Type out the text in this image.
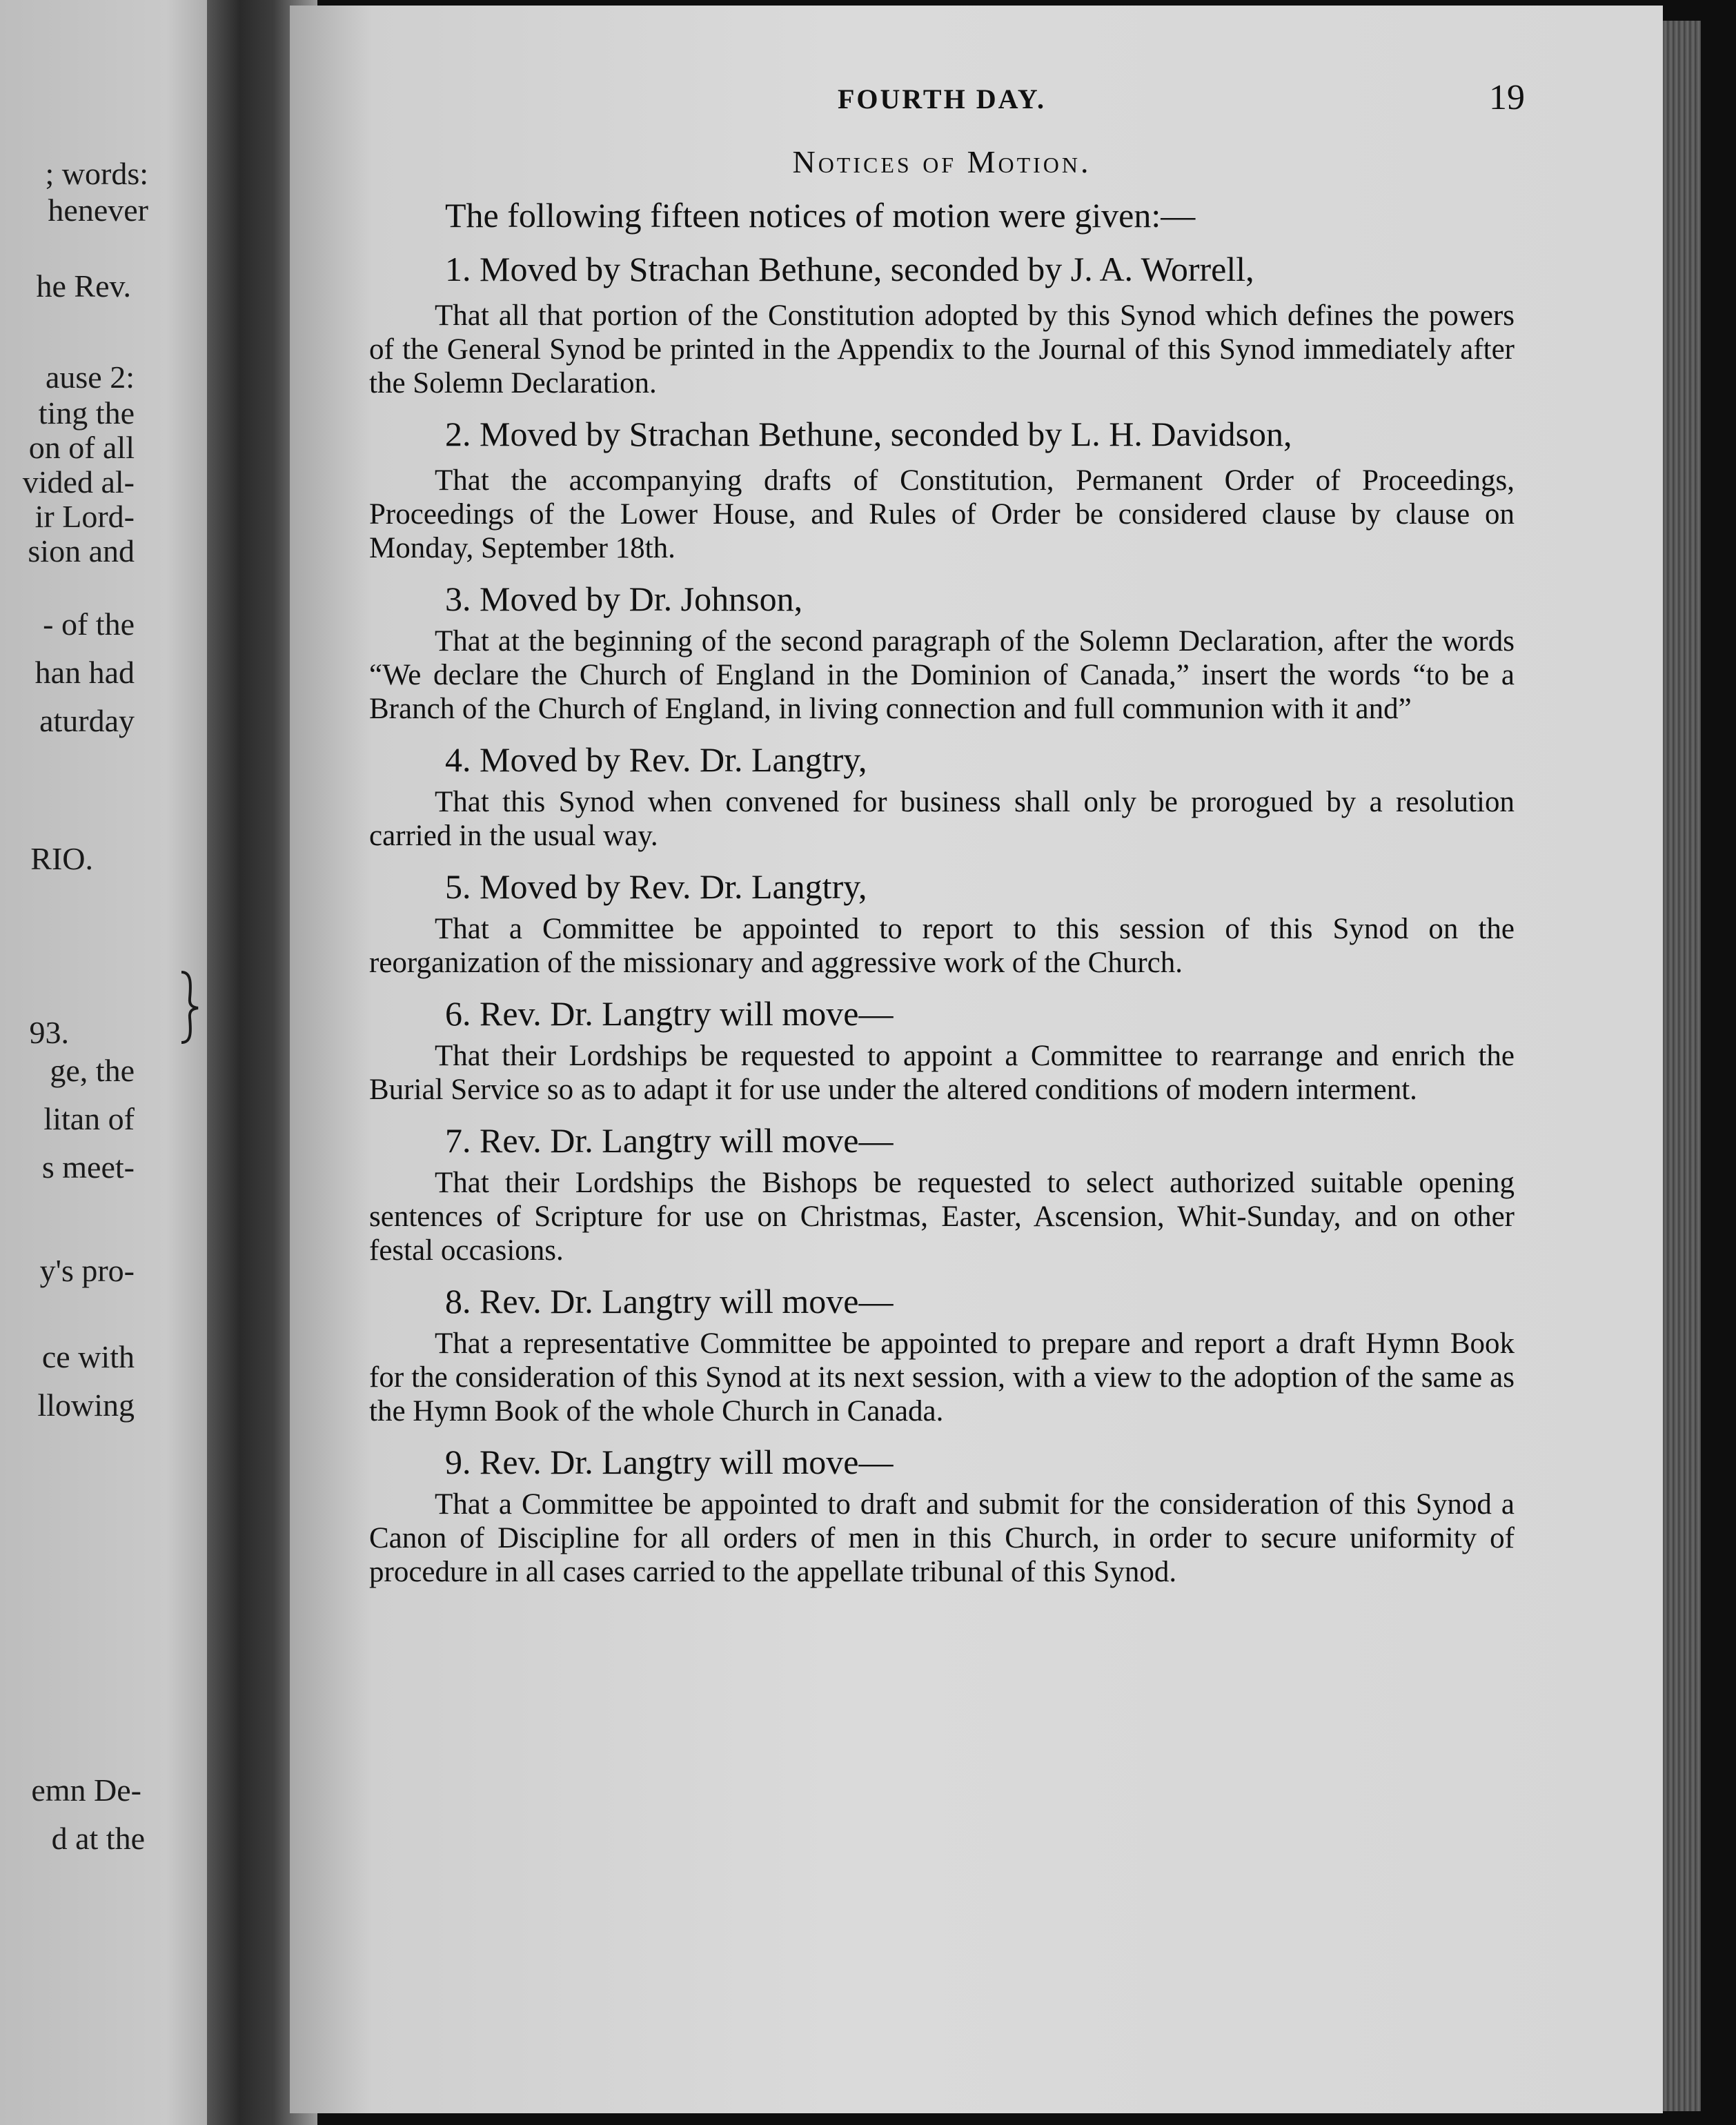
; words:
henever
he Rev.
ause 2:
ting the
on of all
vided al-
ir Lord-
sion and
- of the
han had
aturday
RIO.
93.
ge, the
litan of
s meet-
y's pro-
ce with
llowing
emn De-
d at the
FOURTH DAY.	19
Notices of Motion.

The following fifteen notices of motion were given:—

1. Moved by Strachan Bethune, seconded by J. A. Worrell,

That all that portion of the Constitution adopted by this Synod which defines the powers of the General Synod be printed in the Appendix to the Journal of this Synod immediately after the Solemn Declaration.

2. Moved by Strachan Bethune, seconded by L. H. Davidson,

That the accompanying drafts of Constitution, Permanent Order of Proceedings, Proceedings of the Lower House, and Rules of Order be considered clause by clause on Monday, September 18th.

3. Moved by Dr. Johnson,

That at the beginning of the second paragraph of the Solemn Declaration, after the words “We declare the Church of England in the Dominion of Canada,” insert the words “to be a Branch of the Church of England, in living connection and full communion with it and”

4. Moved by Rev. Dr. Langtry,

That this Synod when convened for business shall only be prorogued by a resolution carried in the usual way.

5. Moved by Rev. Dr. Langtry,

That a Committee be appointed to report to this session of this Synod on the reorganization of the missionary and aggressive work of the Church.

6. Rev. Dr. Langtry will move—

That their Lordships be requested to appoint a Committee to rearrange and enrich the Burial Service so as to adapt it for use under the altered conditions of modern interment.

7. Rev. Dr. Langtry will move—

That their Lordships the Bishops be requested to select authorized suitable opening sentences of Scripture for use on Christmas, Easter, Ascension, Whit-Sunday, and on other festal occasions.

8. Rev. Dr. Langtry will move—

That a representative Committee be appointed to prepare and report a draft Hymn Book for the consideration of this Synod at its next session, with a view to the adoption of the same as the Hymn Book of the whole Church in Canada.

9. Rev. Dr. Langtry will move—

That a Committee be appointed to draft and submit for the consideration of this Synod a Canon of Discipline for all orders of men in this Church, in order to secure uniformity of procedure in all cases carried to the appellate tribunal of this Synod.
